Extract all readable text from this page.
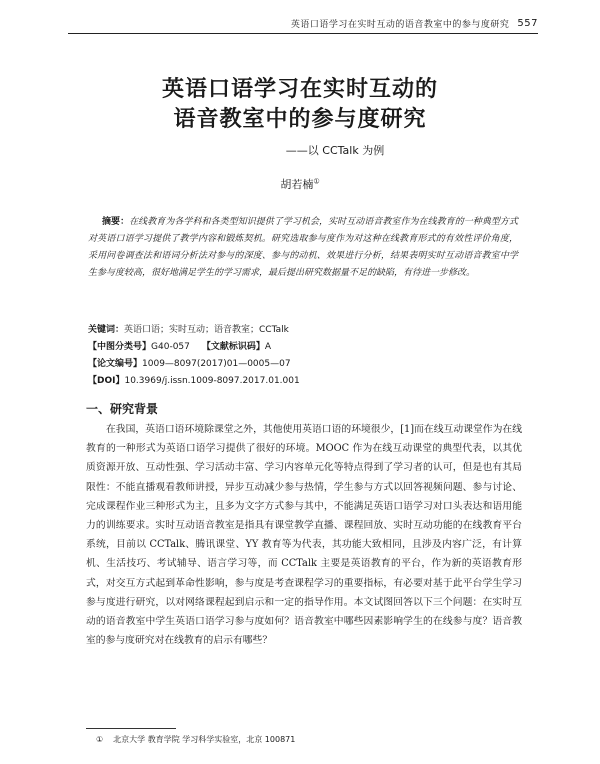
英语口语学习在实时互动的语音教室中的参与度研究 557
英语口语学习在实时互动的
语音教室中的参与度研究
——以 CCTalk 为例
胡若楠①
摘要：在线教育为各学科和各类型知识提供了学习机会，实时互动语音教室作为在线教育的一种典型方式对英语口语学习提供了教学内容和锻炼契机。研究选取参与度作为对这种在线教育形式的有效性评价角度，采用问卷调查法和语词分析法对参与的深度、参与的动机、效果进行分析，结果表明实时互动语音教室中学生参与度较高，很好地满足学生的学习需求，最后提出研究数据量不足的缺陷，有待进一步修改。
关键词：英语口语；实时互动；语音教室；CCTalk
【中图分类号】G40-057 【文献标识码】A
【论文编号】1009—8097(2017)01—0005—07
【DOI】10.3969/j.issn.1009-8097.2017.01.001
一、研究背景

在我国，英语口语环境除课堂之外，其他使用英语口语的环境很少，[1]而在线互动课堂作为在线教育的一种形式为英语口语学习提供了很好的环境。MOOC 作为在线互动课堂的典型代表，以其优质资源开放、互动性强、学习活动丰富、学习内容单元化等特点得到了学习者的认可，但是也有其局限性：不能直播观看教师讲授，异步互动减少参与热情，学生参与方式以回答视频问题、参与讨论、完成课程作业三种形式为主，且多为文字方式参与其中，不能满足英语口语学习对口头表达和语用能力的训练要求。实时互动语音教室是指具有课堂教学直播、课程回放、实时互动功能的在线教育平台系统，目前以 CCTalk、腾讯课堂、YY 教育等为代表，其功能大致相同，且涉及内容广泛，有计算机、生活技巧、考试辅导、语言学习等，而 CCTalk 主要是英语教育的平台，作为新的英语教育形式，对交互方式起到革命性影响，参与度是考查课程学习的重要指标，有必要对基于此平台学生学习参与度进行研究，以对网络课程起到启示和一定的指导作用。本文试图回答以下三个问题：在实时互动的语音教室中学生英语口语学习参与度如何？语音教室中哪些因素影响学生的在线参与度？语音教室的参与度研究对在线教育的启示有哪些？

① 北京大学 教育学院 学习科学实验室，北京 100871
